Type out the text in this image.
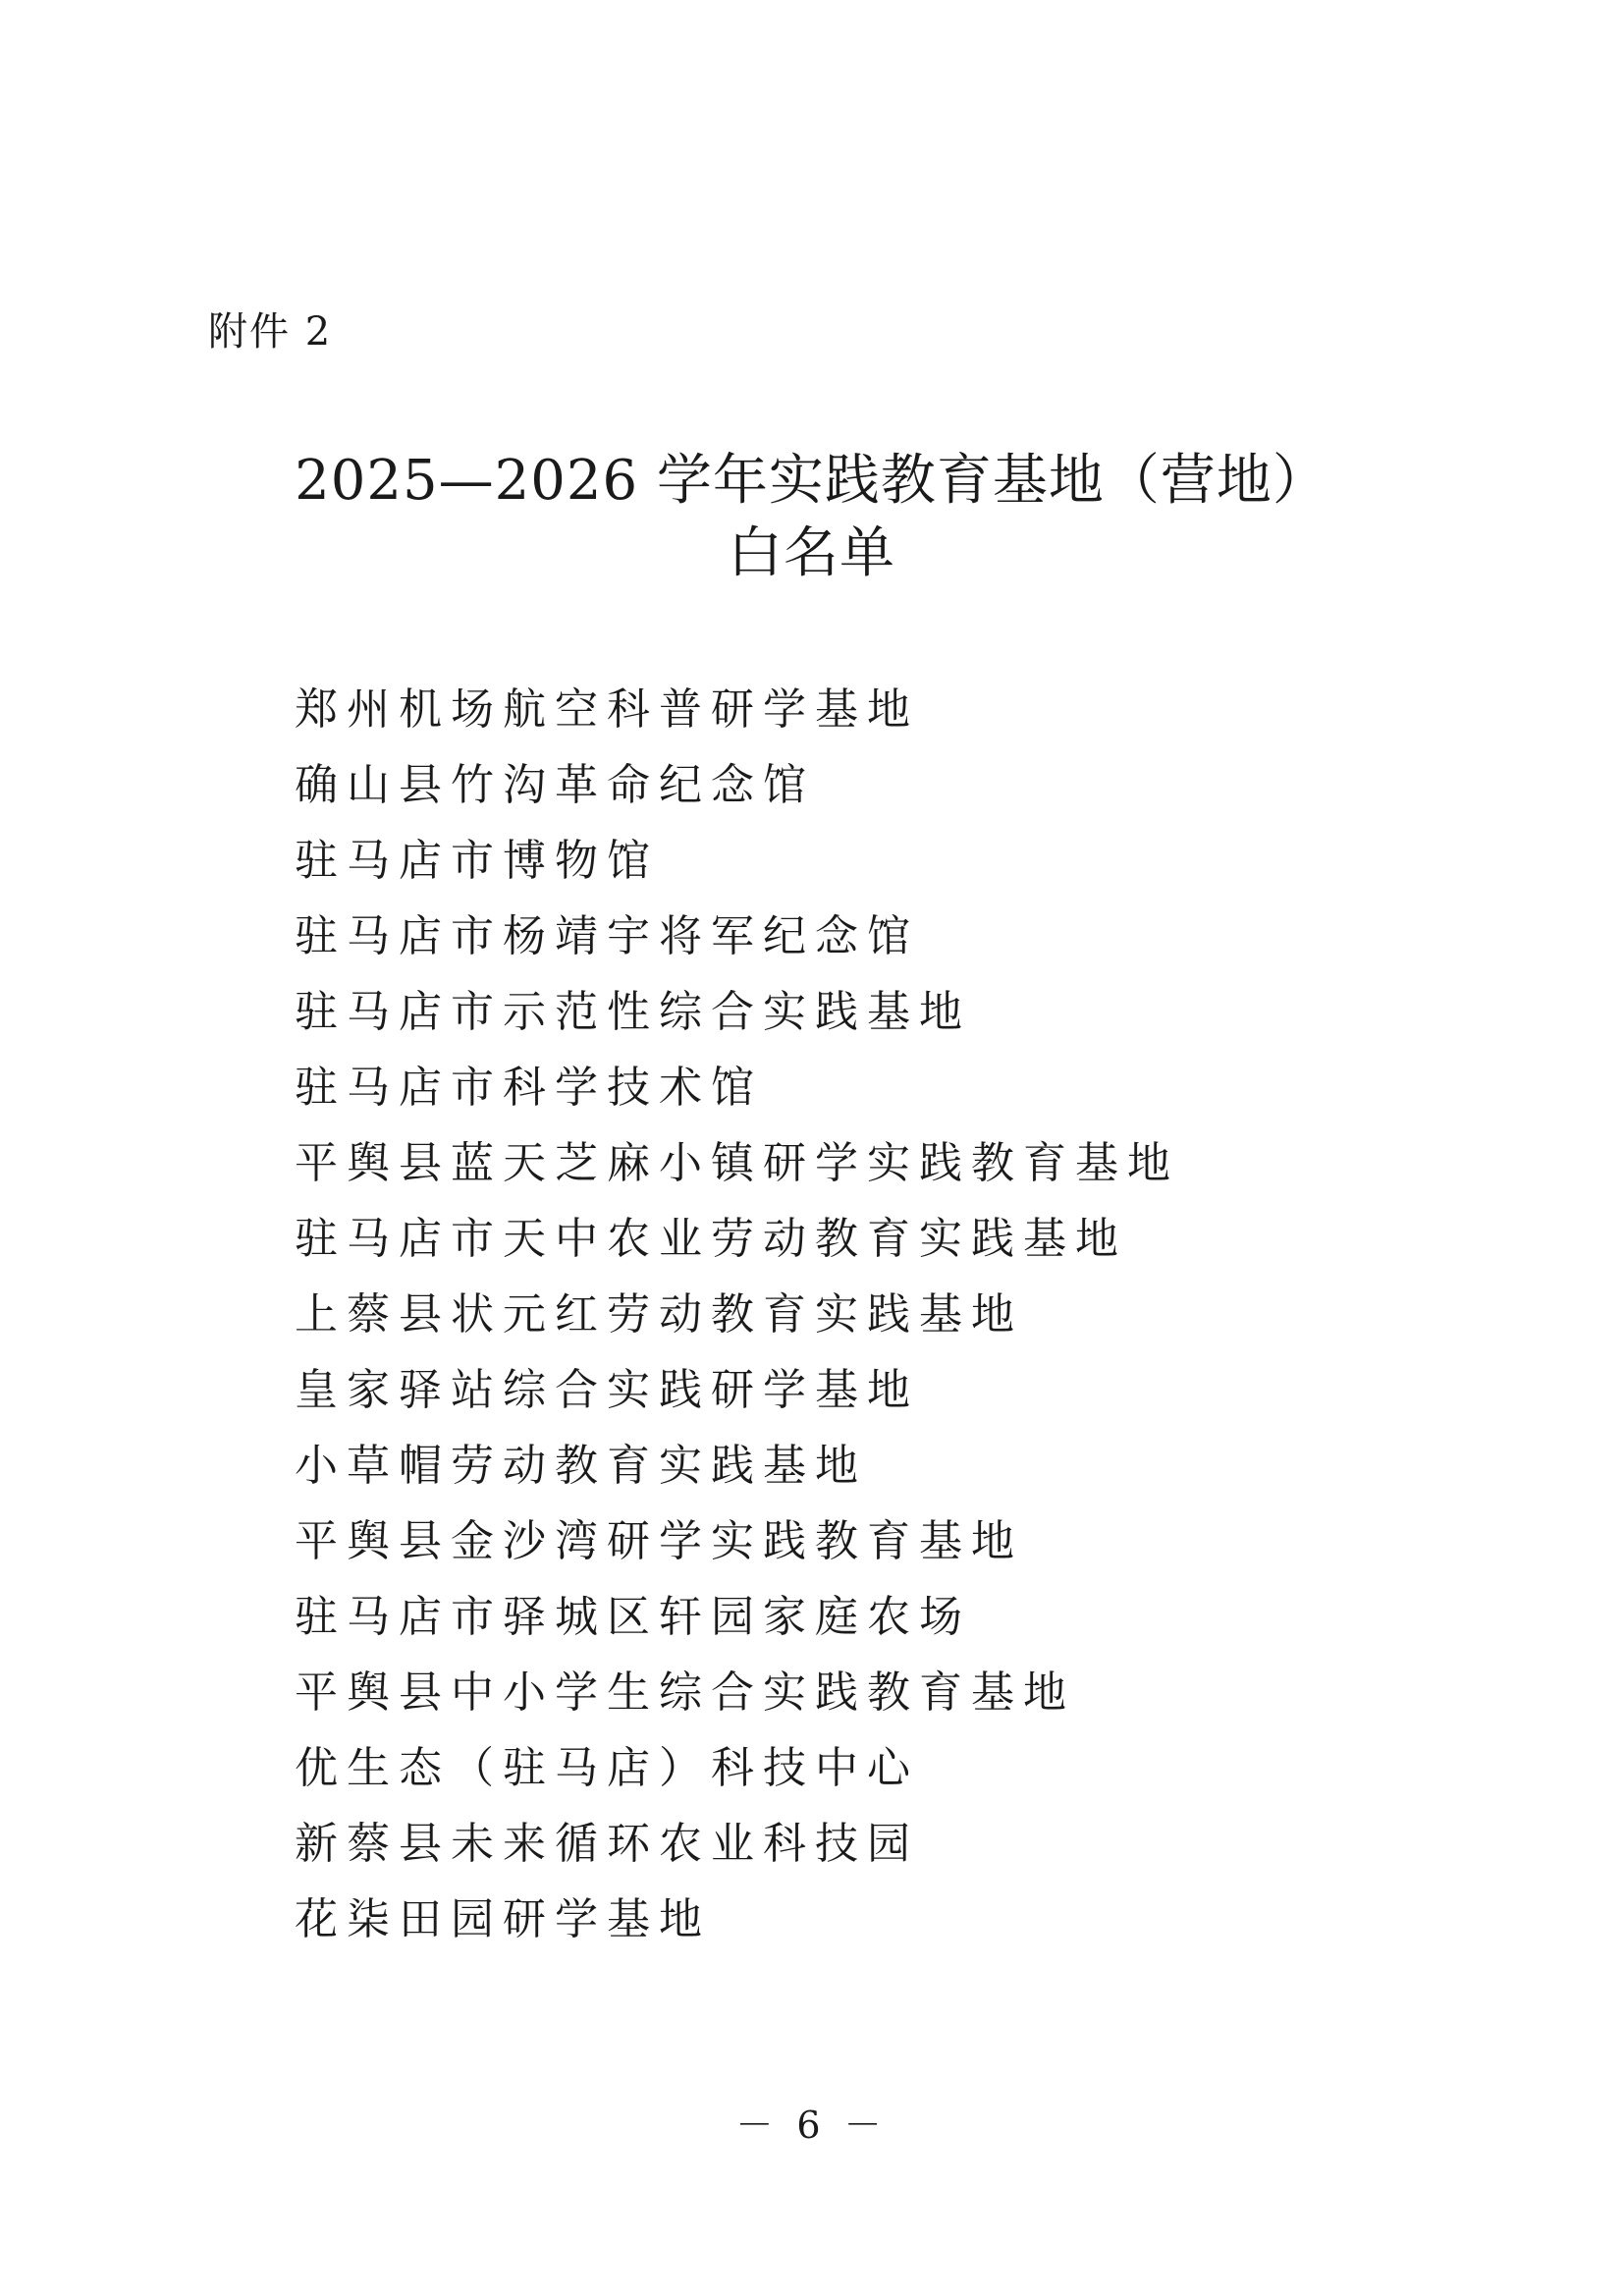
附件 2
2025—2026 学年实践教育基地（营地）
白名单
郑州机场航空科普研学基地
确山县竹沟革命纪念馆
驻马店市博物馆
驻马店市杨靖宇将军纪念馆
驻马店市示范性综合实践基地
驻马店市科学技术馆
平舆县蓝天芝麻小镇研学实践教育基地
驻马店市天中农业劳动教育实践基地
上蔡县状元红劳动教育实践基地
皇家驿站综合实践研学基地
小草帽劳动教育实践基地
平舆县金沙湾研学实践教育基地
驻马店市驿城区轩园家庭农场
平舆县中小学生综合实践教育基地
优生态（驻马店）科技中心
新蔡县未来循环农业科技园
花柒田园研学基地
－ 6 －
